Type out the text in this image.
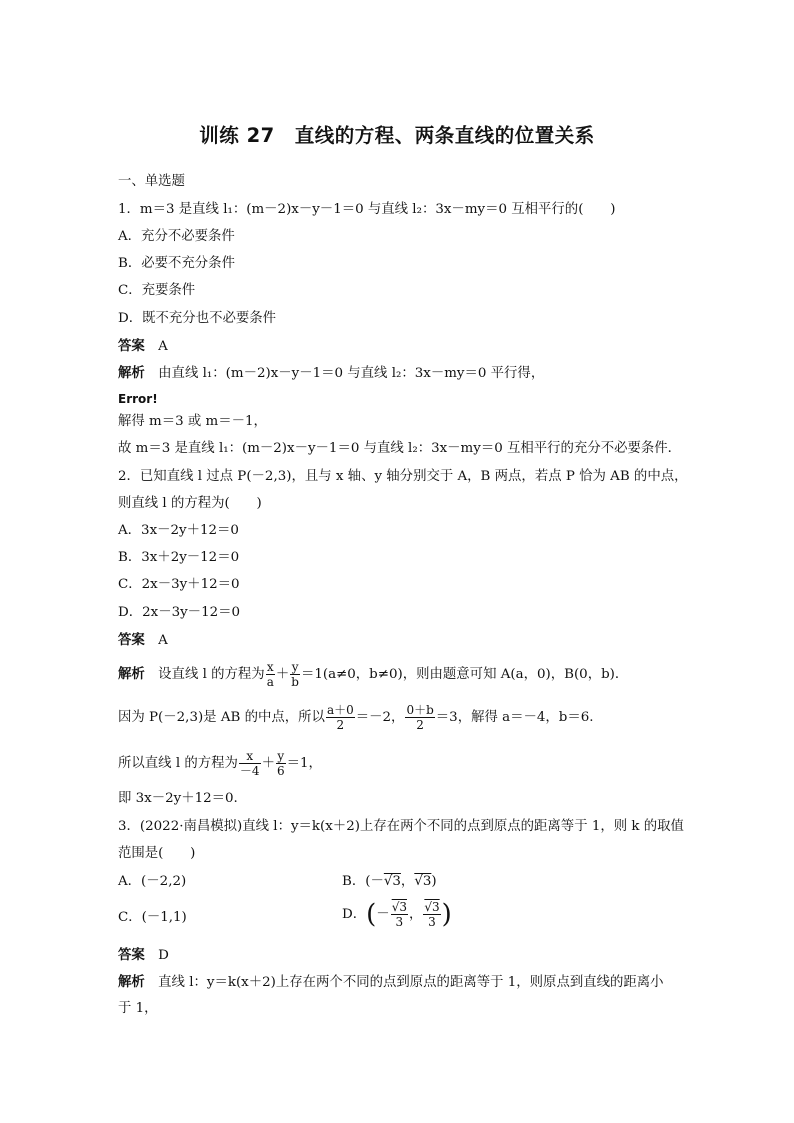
训练 27　直线的方程、两条直线的位置关系
一、单选题
1．m＝3 是直线 l₁：(m－2)x－y－1＝0 与直线 l₂：3x－my＝0 互相平行的(　　)
A．充分不必要条件
B．必要不充分条件
C．充要条件
D．既不充分也不必要条件
答案　 A
解析　 由直线 l₁：(m－2)x－y－1＝0 与直线 l₂：3x－my＝0 平行得，
Error!
解得 m＝3 或 m＝－1，
故 m＝3 是直线 l₁：(m－2)x－y－1＝0 与直线 l₂：3x－my＝0 互相平行的充分不必要条件．
2．已知直线 l 过点 P(－2,3)，且与 x 轴、y 轴分别交于 A，B 两点，若点 P 恰为 AB 的中点，
则直线 l 的方程为(　　)
A．3x－2y＋12＝0
B．3x＋2y－12＝0
C．2x－3y＋12＝0
D．2x－3y－12＝0
答案　 A
解析　 设直线 l 的方程为 $\frac{x}{a} + \frac{y}{b} =1(a\ne 0$，b≠0)，则由题意可知 A(a，0)，B(0，b)．
因为 P(－2,3)是 AB 的中点，所以 $\frac{a+0}{2} =-2$， $\frac{0+b}{2} =3$，解得 a＝－4，b＝6.
所以直线 l 的方程为 $\frac{x}{-4} + \frac{y}{6} =1$，
即 3x－2y＋12＝0.
3．(2022·南昌模拟)直线 l：y＝k(x＋2)上存在两个不同的点到原点的距离等于 1，则 k 的取值
范围是(　　)
A．(－2,2)	B．(－√3，√3)
C．(－1,1)	D．(－ $\frac{√3}{3}$ ， $\frac{√3}{3}$ )
答案　 D
解析　 直线 l：y＝k(x＋2)上存在两个不同的点到原点的距离等于 1，则原点到直线的距离小
于 1，
